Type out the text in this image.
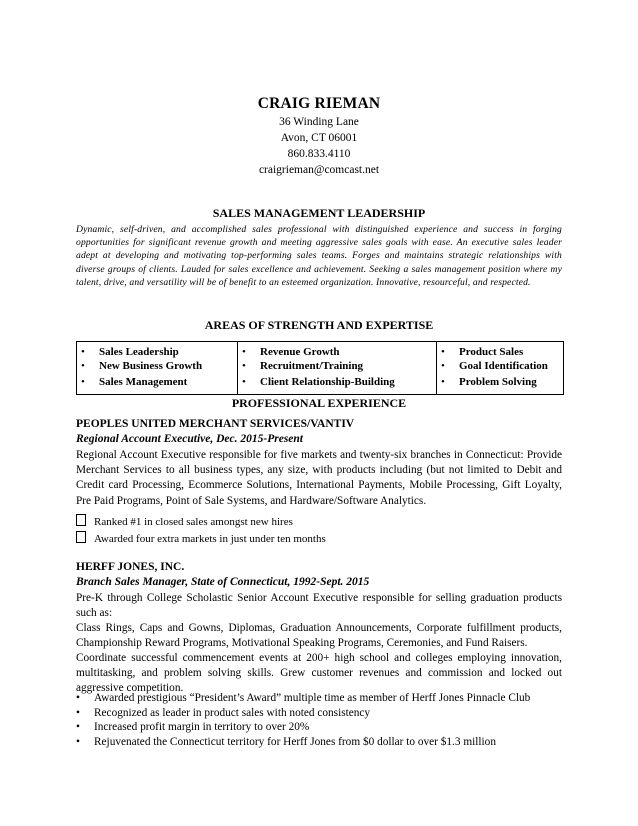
CRAIG RIEMAN
36 Winding Lane
Avon, CT 06001
860.833.4110
craigrieman@comcast.net
SALES MANAGEMENT LEADERSHIP
Dynamic, self-driven, and accomplished sales professional with distinguished experience and success in forging opportunities for significant revenue growth and meeting aggressive sales goals with ease. An executive sales leader adept at developing and motivating top-performing sales teams. Forges and maintains strategic relationships with diverse groups of clients. Lauded for sales excellence and achievement. Seeking a sales management position where my talent, drive, and versatility will be of benefit to an esteemed organization. Innovative, resourceful, and respected.
AREAS OF STRENGTH AND EXPERTISE
• Sales Leadership
• New Business Growth
• Sales Management

• Revenue Growth
• Recruitment/Training
• Client Relationship-Building

• Product Sales
• Goal Identification
• Problem Solving
PROFESSIONAL EXPERIENCE
PEOPLES UNITED MERCHANT SERVICES/VANTIV
Regional Account Executive, Dec. 2015-Present
Regional Account Executive responsible for five markets and twenty-six branches in Connecticut: Provide Merchant Services to all business types, any size, with products including (but not limited to Debit and Credit card Processing, Ecommerce Solutions, International Payments, Mobile Processing, Gift Loyalty, Pre Paid Programs, Point of Sale Systems, and Hardware/Software Analytics.
Ranked #1 in closed sales amongst new hires
Awarded four extra markets in just under ten months
HERFF JONES, INC.
Branch Sales Manager, State of Connecticut, 1992-Sept. 2015
Pre-K through College Scholastic Senior Account Executive responsible for selling graduation products such as:
Class Rings, Caps and Gowns, Diplomas, Graduation Announcements, Corporate fulfillment products, Championship Reward Programs, Motivational Speaking Programs, Ceremonies, and Fund Raisers.
Coordinate successful commencement events at 200+ high school and colleges employing innovation, multitasking, and problem solving skills. Grew customer revenues and commission and locked out aggressive competition.
• Awarded prestigious “President’s Award” multiple time as member of Herff Jones Pinnacle Club
• Recognized as leader in product sales with noted consistency
• Increased profit margin in territory to over 20%
• Rejuvenated the Connecticut territory for Herff Jones from $0 dollar to over $1.3 million
